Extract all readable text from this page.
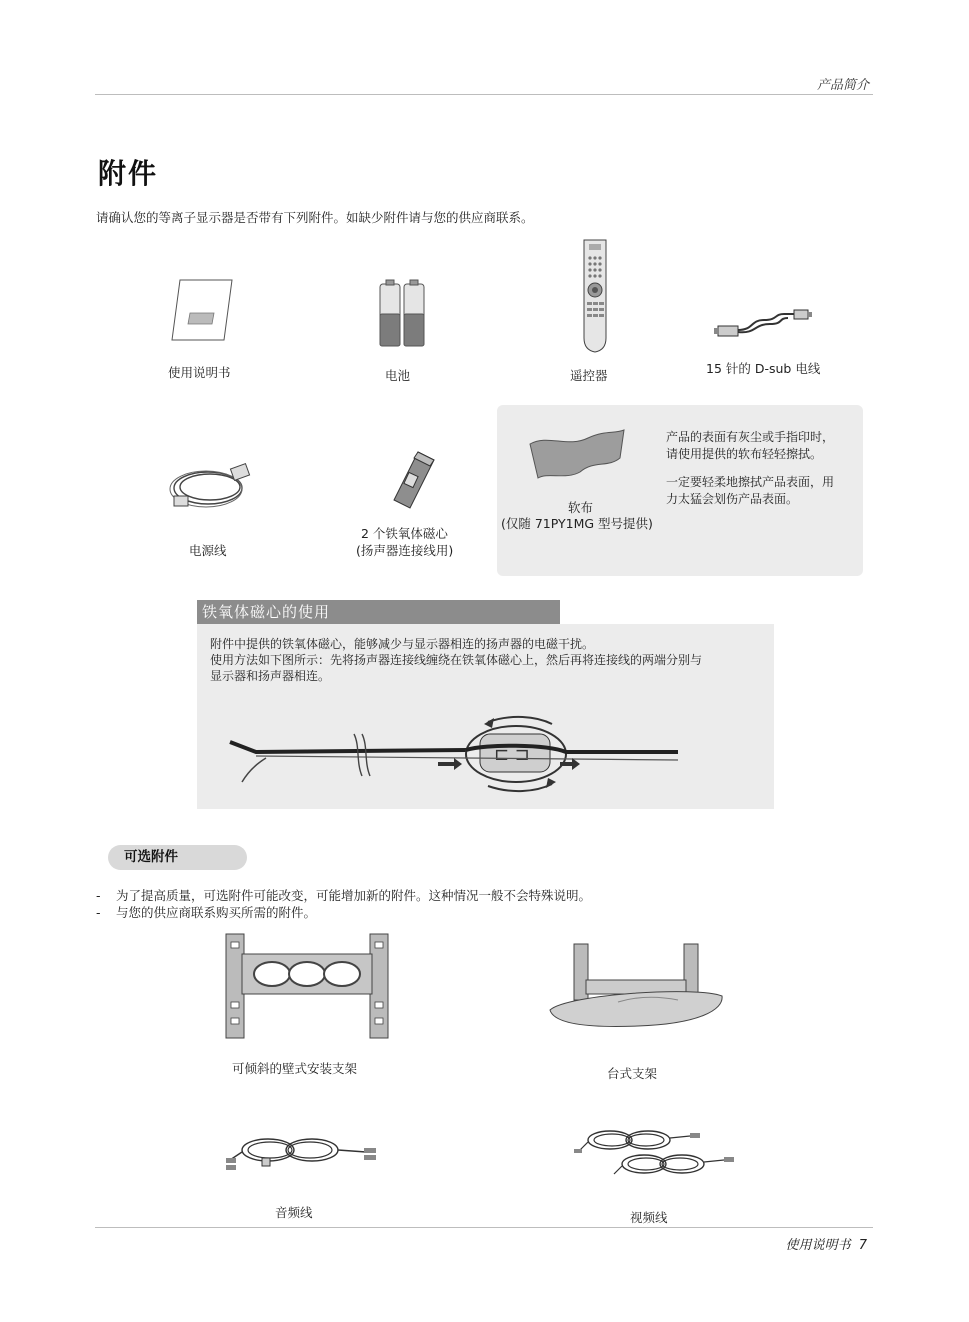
产品简介
附件
请确认您的等离子显示器是否带有下列附件。如缺少附件请与您的供应商联系。
使用说明书	电池	遥控器	15 针的 D-sub 电线
电源线
2 个铁氧体磁心
(扬声器连接线用)
软布
(仅随 71PY1MG 型号提供)
产品的表面有灰尘或手指印时，
请使用提供的软布轻轻擦拭。
一定要轻柔地擦拭产品表面，用
力太猛会划伤产品表面。
铁氧体磁心的使用
附件中提供的铁氧体磁心，能够减少与显示器相连的扬声器的电磁干扰。
使用方法如下图所示：先将扬声器连接线缠绕在铁氧体磁心上，然后再将连接线的两端分别与
显示器和扬声器相连。
⊏ ⊐
可选附件
- 为了提高质量，可选附件可能改变，可能增加新的附件。这种情况一般不会特殊说明。
- 与您的供应商联系购买所需的附件。
可倾斜的壁式安装支架	台式支架
音频线	视频线
使用说明书 7
